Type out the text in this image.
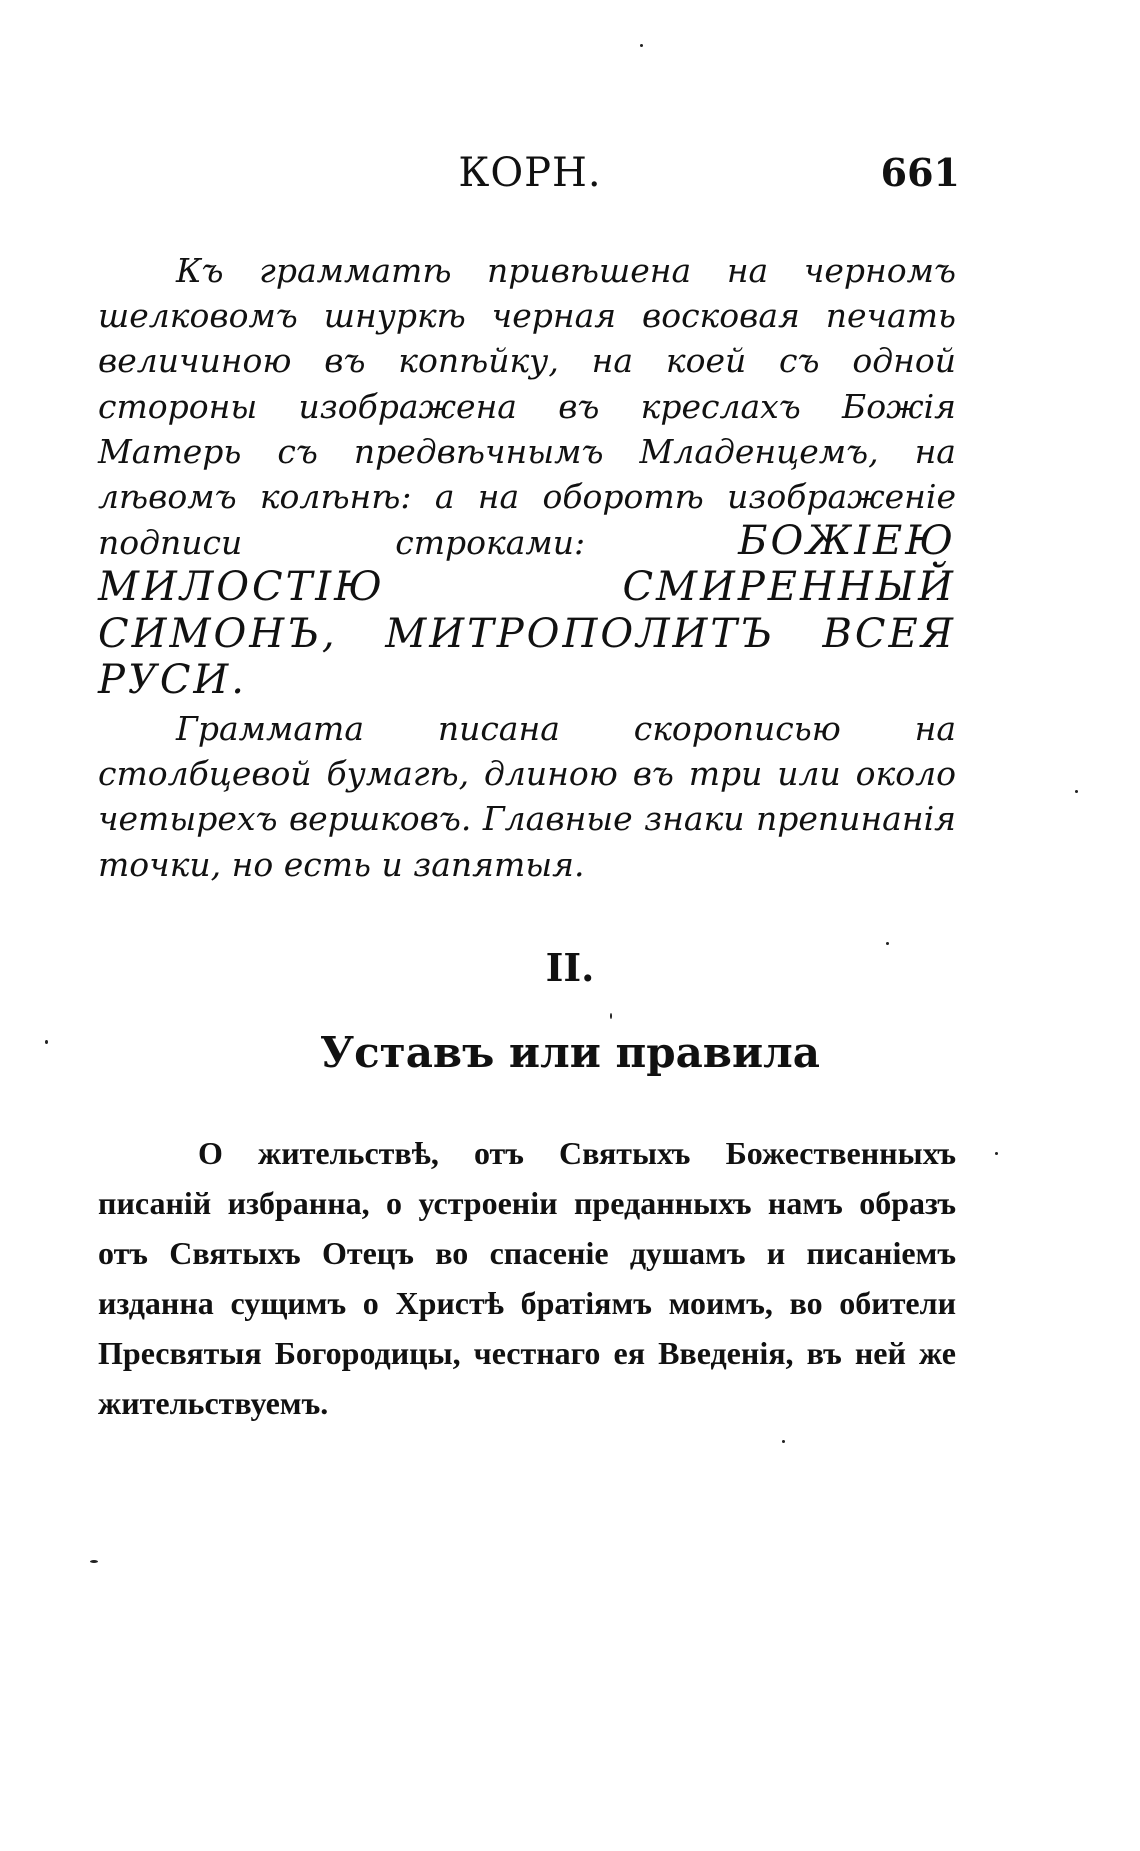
КОРН.	661

Къ грамматѣ привѣшена на черномъ шелковомъ шнуркѣ черная восковая печать величиною въ копѣйку, на коей съ одной стороны изображена въ креслахъ Божія Матерь съ предвѣчнымъ Младенцемъ, на лѣвомъ колѣнѣ: а на оборотѣ изображеніе подписи строками:	БОЖІЕЮ МИЛОСТІЮ СМИРЕННЫЙ СИМОНЪ, МИТРОПОЛИТЪ ВСЕЯ РУСИ.

Грамматa писана скорописью на столбцевой бумагѣ, длиною въ три или около четырехъ вершковъ. Главные знаки препинанія точки, но есть и запятыя.

II.
Уставъ или правила

О жительствѣ, отъ Святыхъ Божественныхъ писаній избранна, о устроеніи преданныхъ намъ образъ отъ Святыхъ Отецъ во спасеніе душамъ и писаніемъ изданна сущимъ о Христѣ братіямъ моимъ, во обители Пресвятыя Богородицы, честнаго ея Введенія, въ ней же жительствуемъ.
